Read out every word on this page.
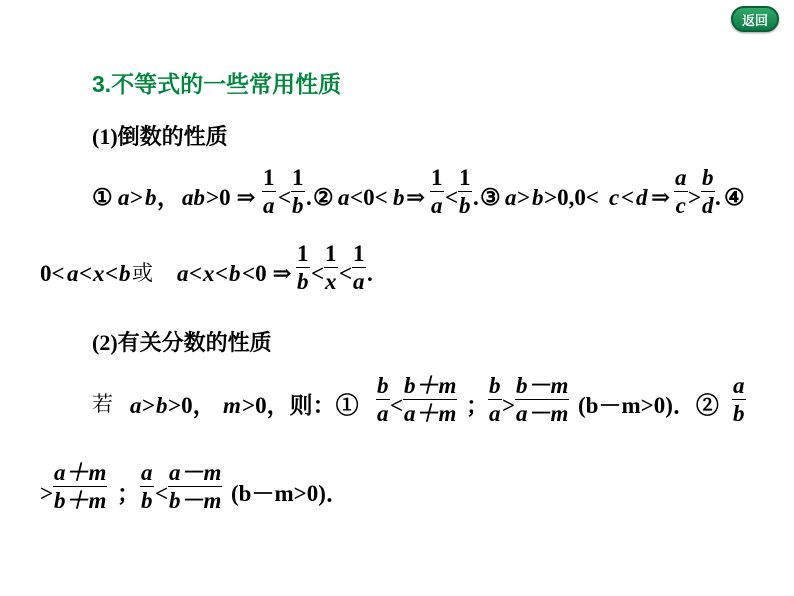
返回
3.不等式的一些常用性质
(1)倒数的性质
① a > b ， ab >0 ⇒
1
a <
1
b . ② a <0< b ⇒
1
a <
1
b . ③ a > b >0,0< c < d ⇒
a
c >
b
d . ④
0< a < x < b 或 a < x < b <0 ⇒
1
b <
1
x <
1
a .
(2)有关分数的性质
若 a > b >0， m >0，则：①
b
a <
b＋m
a＋m ；
b
a >
b－m
a－m (b－m>0)．②
a
b
>
a＋m
b＋m ；
a
b <
a－m
b－m (b－m>0)．
